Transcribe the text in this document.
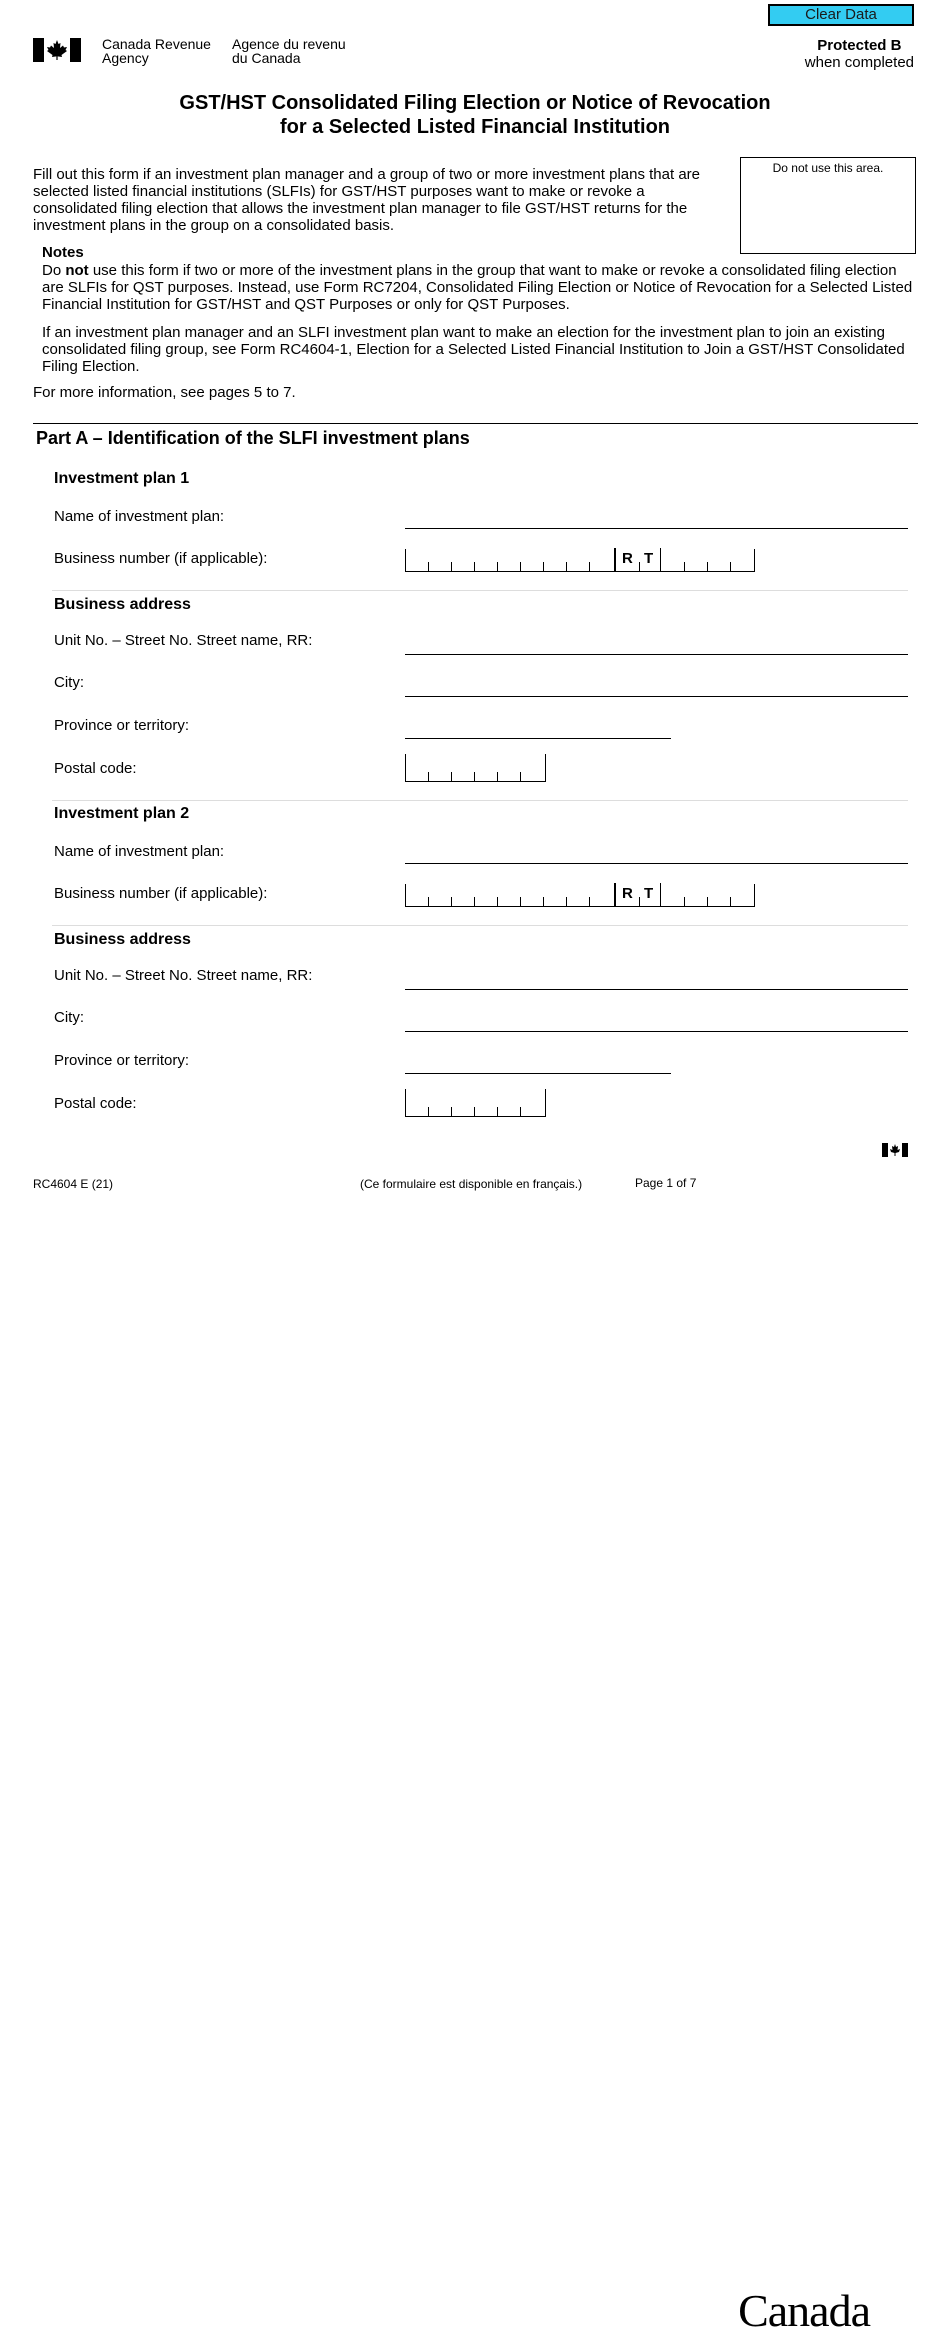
Clear Data
Canada Revenue
Agency
Agence du revenu
du Canada
Protected B
when completed
GST/HST Consolidated Filing Election or Notice of Revocation
for a Selected Listed Financial Institution
Do not use this area.
Fill out this form if an investment plan manager and a group of two or more investment plans that are selected listed financial institutions (SLFIs) for GST/HST purposes want to make or revoke a consolidated filing election that allows the investment plan manager to file GST/HST returns for the investment plans in the group on a consolidated basis.
Notes
Do not use this form if two or more of the investment plans in the group that want to make or revoke a consolidated filing election are SLFIs for QST purposes. Instead, use Form RC7204, Consolidated Filing Election or Notice of Revocation for a Selected Listed Financial Institution for GST/HST and QST Purposes or only for QST Purposes.
If an investment plan manager and an SLFI investment plan want to make an election for the investment plan to join an existing consolidated filing group, see Form RC4604-1, Election for a Selected Listed Financial Institution to Join a GST/HST Consolidated Filing Election.
For more information, see pages 5 to 7.
Part A – Identification of the SLFI investment plans
Investment plan 1
Name of investment plan:
Business number (if applicable):	R T
Business address
Unit No. – Street No. Street name, RR:
City:
Province or territory:
Postal code:
Investment plan 2
Name of investment plan:
Business number (if applicable):	R T
Business address
Unit No. – Street No. Street name, RR:
City:
Province or territory:
Postal code:
RC4604 E (21)	(Ce formulaire est disponible en français.)	Page 1 of 7
Canada
